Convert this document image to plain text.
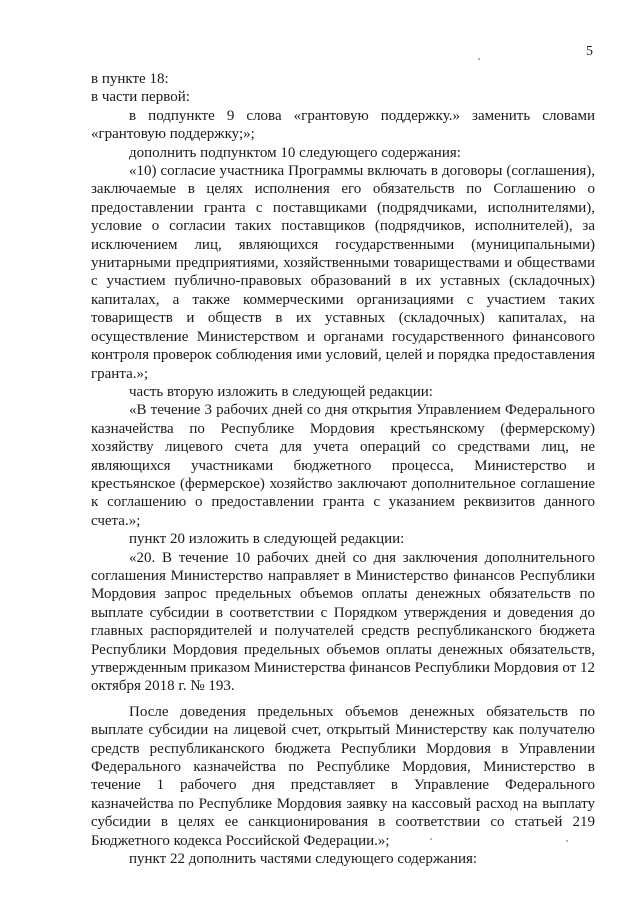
5

в пункте 18:

в части первой:

в подпункте 9 слова «грантовую поддержку.» заменить словами «грантовую поддержку;»;

дополнить подпунктом 10 следующего содержания:

«10) согласие участника Программы включать в договоры (соглашения), заключаемые в целях исполнения его обязательств по Соглашению о предоставлении гранта с поставщиками (подрядчиками, исполнителями), условие о согласии таких поставщиков (подрядчиков, исполнителей), за исключением лиц, являющихся государственными (муниципальными) унитарными предприятиями, хозяйственными товариществами и обществами с участием публично-правовых образований в их уставных (складочных) капиталах, а также коммерческими организациями с участием таких товариществ и обществ в их уставных (складочных) капиталах, на осуществление Министерством и органами государственного финансового контроля проверок соблюдения ими условий, целей и порядка предоставления гранта.»;

часть вторую изложить в следующей редакции:

«В течение 3 рабочих дней со дня открытия Управлением Федерального казначейства по Республике Мордовия крестьянскому (фермерскому) хозяйству лицевого счета для учета операций со средствами лиц, не являющихся участниками бюджетного процесса, Министерство и крестьянское (фермерское) хозяйство заключают дополнительное соглашение к соглашению о предоставлении гранта с указанием реквизитов данного счета.»;

пункт 20 изложить в следующей редакции:

«20. В течение 10 рабочих дней со дня заключения дополнительного соглашения Министерство направляет в Министерство финансов Республики Мордовия запрос предельных объемов оплаты денежных обязательств по выплате субсидии в соответствии с Порядком утверждения и доведения до главных распорядителей и получателей средств республиканского бюджета Республики Мордовия предельных объемов оплаты денежных обязательств, утвержденным приказом Министерства финансов Республики Мордовия от 12 октября 2018 г. № 193.

После доведения предельных объемов денежных обязательств по выплате субсидии на лицевой счет, открытый Министерству как получателю средств республиканского бюджета Республики Мордовия в Управлении Федерального казначейства по Республике Мордовия, Министерство в течение 1 рабочего дня представляет в Управление Федерального казначейства по Республике Мордовия заявку на кассовый расход на выплату субсидии в целях ее санкционирования в соответствии со статьей 219 Бюджетного кодекса Российской Федерации.»;

пункт 22 дополнить частями следующего содержания:
